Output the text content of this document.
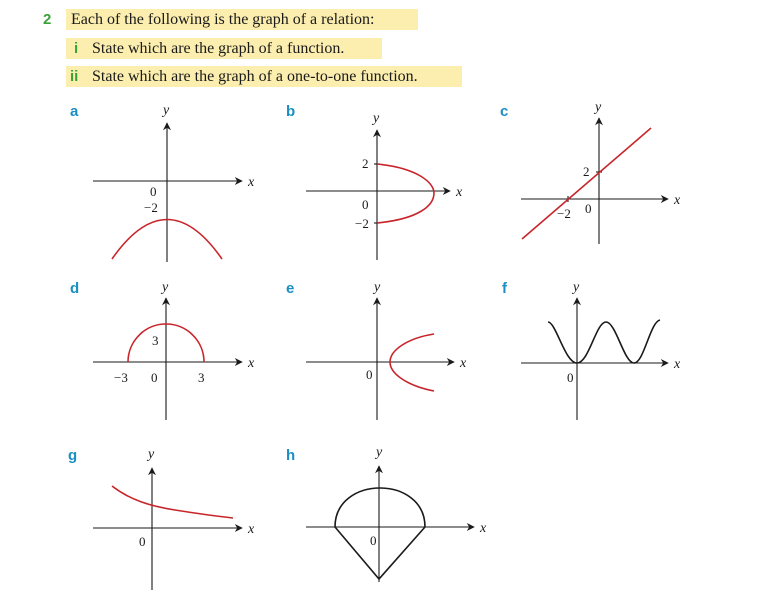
2 Each of the following is the graph of a relation:
i State which are the graph of a function.
ii State which are the graph of a one-to-one function.
a
x
y
0
−2
b
x
y
2
0
−2
c
x
y
2
−2 0
d
x
y
3
−3 0	3
e
x
y
0
f
x
y
0
g
x
y
0
h
x
y
0
